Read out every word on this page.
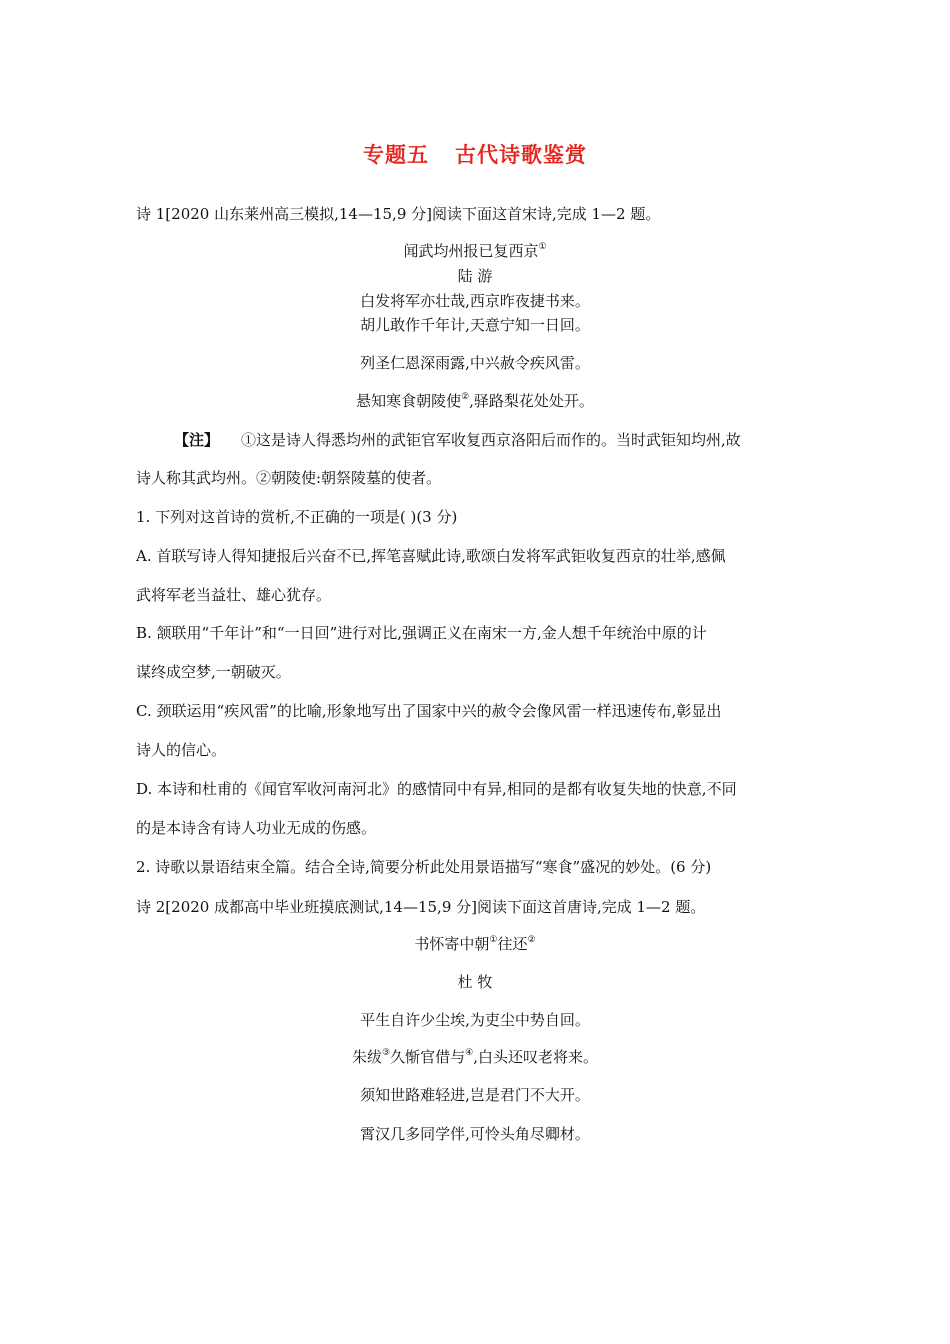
专题五 古代诗歌鉴赏
诗 1[2020 山东莱州高三模拟,14—15,9 分]阅读下面这首宋诗,完成 1—2 题。
闻武均州报已复西京①
陆 游
白发将军亦壮哉,西京昨夜捷书来。
胡儿敢作千年计,天意宁知一日回。
列圣仁恩深雨露,中兴赦令疾风雷。
悬知寒食朝陵使②,驿路梨花处处开。
【注】 ①这是诗人得悉均州的武钜官军收复西京洛阳后而作的。当时武钜知均州,故
诗人称其武均州。②朝陵使:朝祭陵墓的使者。
1. 下列对这首诗的赏析,不正确的一项是( )(3 分)
A. 首联写诗人得知捷报后兴奋不已,挥笔喜赋此诗,歌颂白发将军武钜收复西京的壮举,感佩
武将军老当益壮、雄心犹存。
B. 颔联用“千年计”和“一日回”进行对比,强调正义在南宋一方,金人想千年统治中原的计
谋终成空梦,一朝破灭。
C. 颈联运用“疾风雷”的比喻,形象地写出了国家中兴的赦令会像风雷一样迅速传布,彰显出
诗人的信心。
D. 本诗和杜甫的《闻官军收河南河北》的感情同中有异,相同的是都有收复失地的快意,不同
的是本诗含有诗人功业无成的伤感。
2. 诗歌以景语结束全篇。结合全诗,简要分析此处用景语描写“寒食”盛况的妙处。(6 分)
诗 2[2020 成都高中毕业班摸底测试,14—15,9 分]阅读下面这首唐诗,完成 1—2 题。
书怀寄中朝①往还②
杜 牧
平生自许少尘埃,为吏尘中势自回。
朱绂③久惭官借与④,白头还叹老将来。
须知世路难轻进,岂是君门不大开。
霄汉几多同学伴,可怜头角尽卿材。
